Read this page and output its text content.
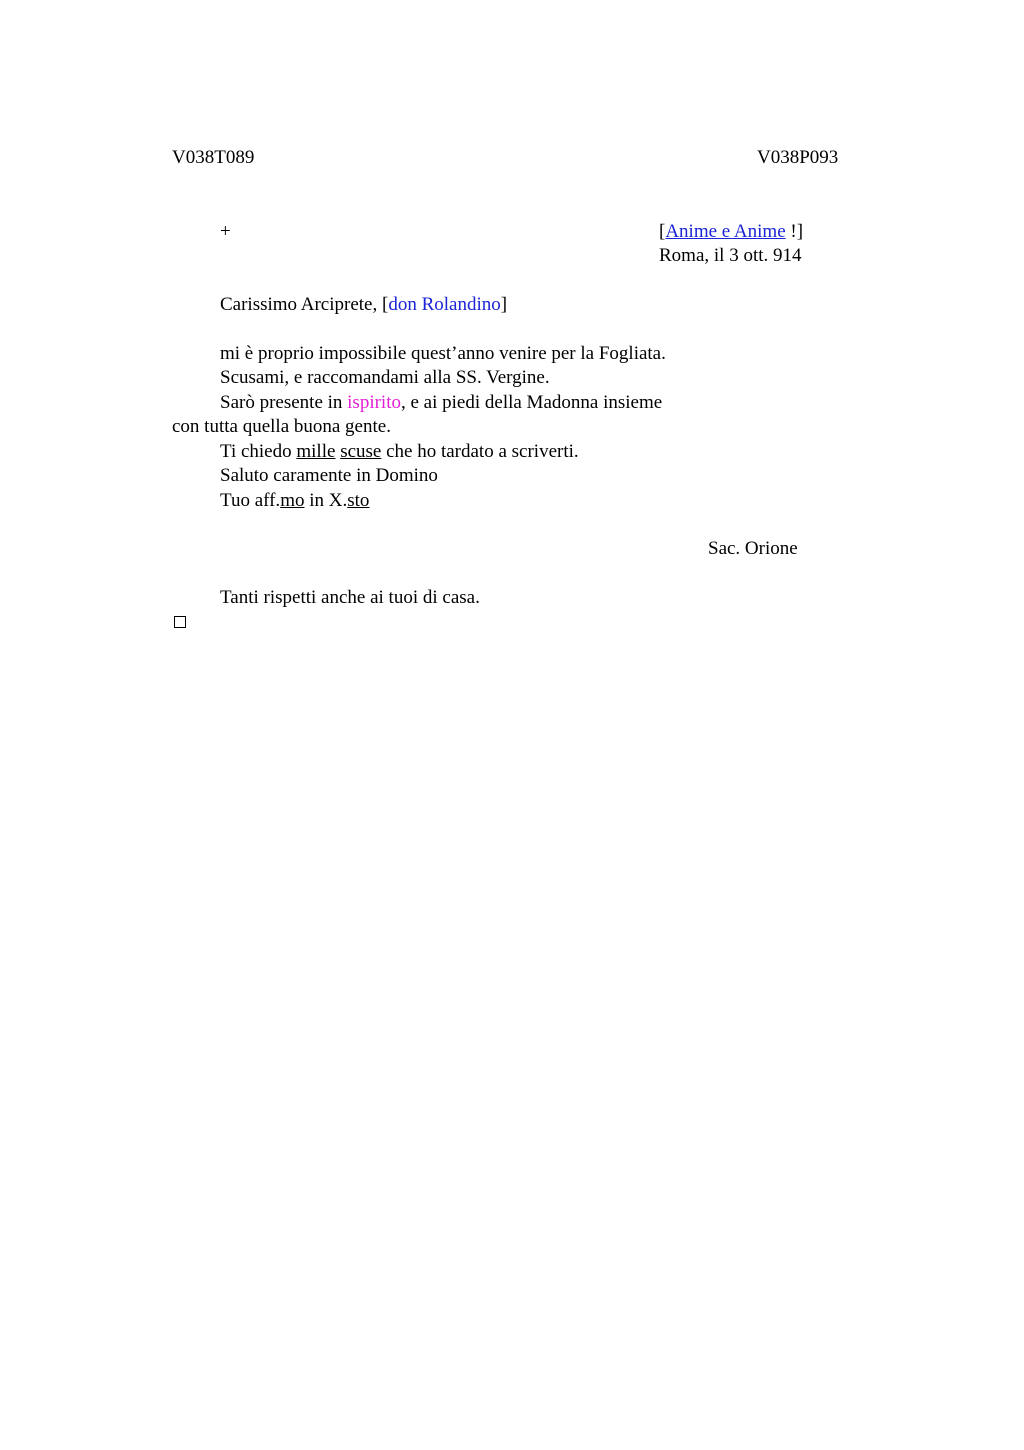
V038T089	V038P093
+	[Anime e Anime !]
Roma, il 3 ott. 914
Carissimo Arciprete, [don Rolandino]
mi è proprio impossibile quest’anno venire per la Fogliata.
Scusami, e raccomandami alla SS. Vergine.
Sarò presente in ispirito, e ai piedi della Madonna insieme
con tutta quella buona gente.
Ti chiedo mille scuse che ho tardato a scriverti.
Saluto caramente in Domino
Tuo aff.mo in X.sto
Sac. Orione
Tanti rispetti anche ai tuoi di casa.
